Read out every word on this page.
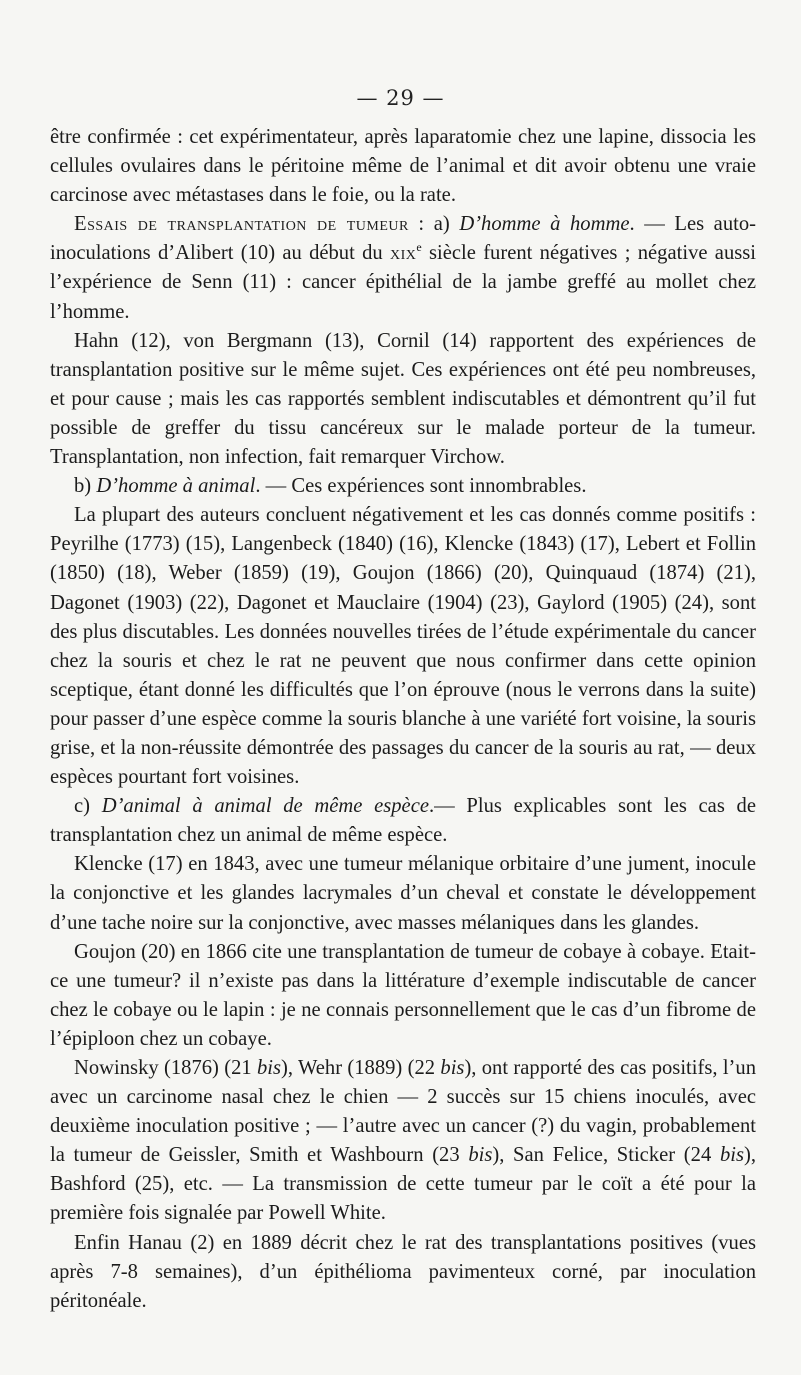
— 29 —

être confirmée : cet expérimentateur, après laparatomie chez une lapine, dissocia les cellules ovulaires dans le péritoine même de l’animal et dit avoir obtenu une vraie carcinose avec métastases dans le foie, ou la rate.

Essais de transplantation de tumeur : a) D’homme à homme. — Les auto-inoculations d’Alibert (10) au début du xix$^e$ siècle furent négatives ; négative aussi l’expérience de Senn (11) : cancer épithélial de la jambe greffé au mollet chez l’homme.

Hahn (12), von Bergmann (13), Cornil (14) rapportent des expériences de transplantation positive sur le même sujet. Ces expériences ont été peu nombreuses, et pour cause ; mais les cas rapportés semblent indiscutables et démontrent qu’il fut possible de greffer du tissu cancéreux sur le malade porteur de la tumeur. Transplantation, non infection, fait remarquer Virchow.

b) D’homme à animal. — Ces expériences sont innombrables.

La plupart des auteurs concluent négativement et les cas donnés comme positifs : Peyrilhe (1773) (15), Langenbeck (1840) (16), Klencke (1843) (17), Lebert et Follin (1850) (18), Weber (1859) (19), Goujon (1866) (20), Quinquaud (1874) (21), Dagonet (1903) (22), Dagonet et Mauclaire (1904) (23), Gaylord (1905) (24), sont des plus discutables. Les données nouvelles tirées de l’étude expérimentale du cancer chez la souris et chez le rat ne peuvent que nous confirmer dans cette opinion sceptique, étant donné les difficultés que l’on éprouve (nous le verrons dans la suite) pour passer d’une espèce comme la souris blanche à une variété fort voisine, la souris grise, et la non-réussite démontrée des passages du cancer de la souris au rat, — deux espèces pourtant fort voisines.

c) D’animal à animal de même espèce.— Plus explicables sont les cas de transplantation chez un animal de même espèce.

Klencke (17) en 1843, avec une tumeur mélanique orbitaire d’une jument, inocule la conjonctive et les glandes lacrymales d’un cheval et constate le développement d’une tache noire sur la conjonctive, avec masses mélaniques dans les glandes.

Goujon (20) en 1866 cite une transplantation de tumeur de cobaye à cobaye. Etait-ce une tumeur? il n’existe pas dans la littérature d’exemple indiscutable de cancer chez le cobaye ou le lapin : je ne connais personnellement que le cas d’un fibrome de l’épiploon chez un cobaye.

Nowinsky (1876) (21 bis), Wehr (1889) (22 bis), ont rapporté des cas positifs, l’un avec un carcinome nasal chez le chien — 2 succès sur 15 chiens inoculés, avec deuxième inoculation positive ; — l’autre avec un cancer (?) du vagin, probablement la tumeur de Geissler, Smith et Washbourn (23 bis), San Felice, Sticker (24 bis), Bashford (25), etc. — La transmission de cette tumeur par le coït a été pour la première fois signalée par Powell White.

Enfin Hanau (2) en 1889 décrit chez le rat des transplantations positives (vues après 7-8 semaines), d’un épithélioma pavimenteux corné, par inoculation péritonéale.
